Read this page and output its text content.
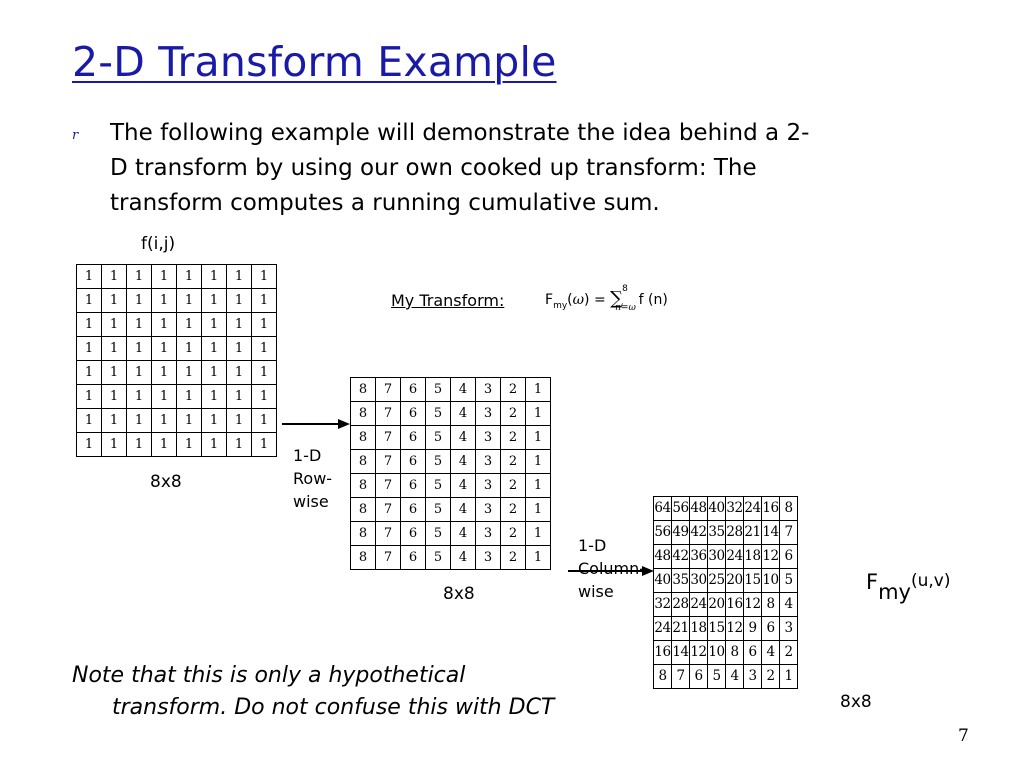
2-D Transform Example
r The following example will demonstrate the idea behind a 2-
D transform by using our own cooked up transform: The
transform computes a running cumulative sum.
f(i,j)
1	1	1	1	1	1	1	1
1	1	1	1	1	1	1	1
1	1	1	1	1	1	1	1
1	1	1	1	1	1	1	1
1	1	1	1	1	1	1	1
1	1	1	1	1	1	1	1
1	1	1	1	1	1	1	1
1	1	1	1	1	1	1	1
8x8
My Transform:	$F_{my}(\omega)$ = ∑ 8
n=ω
f (n)
1-D
Row-
wise
8	7	6	5	4	3	2	1
8	7	6	5	4	3	2	1
8	7	6	5	4	3	2	1
8	7	6	5	4	3	2	1
8	7	6	5	4	3	2	1
8	7	6	5	4	3	2	1
8	7	6	5	4	3	2	1
8	7	6	5	4	3	2	1
8x8
1-D
Column-
wise
64	56	48	40	32	24	16	8
56	49	42	35	28	21	14	7
48	42	36	30	24	18	12	6
40	35	30	25	20	15	10	5
32	28	24	20	16	12	8	4
24	21	18	15	12	9	6	3
16	14	12	10	8	6	4	2
8	7	6	5	4	3	2	1
8x8
Fmy(u,v)
Note that this is only a hypothetical
transform. Do not confuse this with DCT
7
